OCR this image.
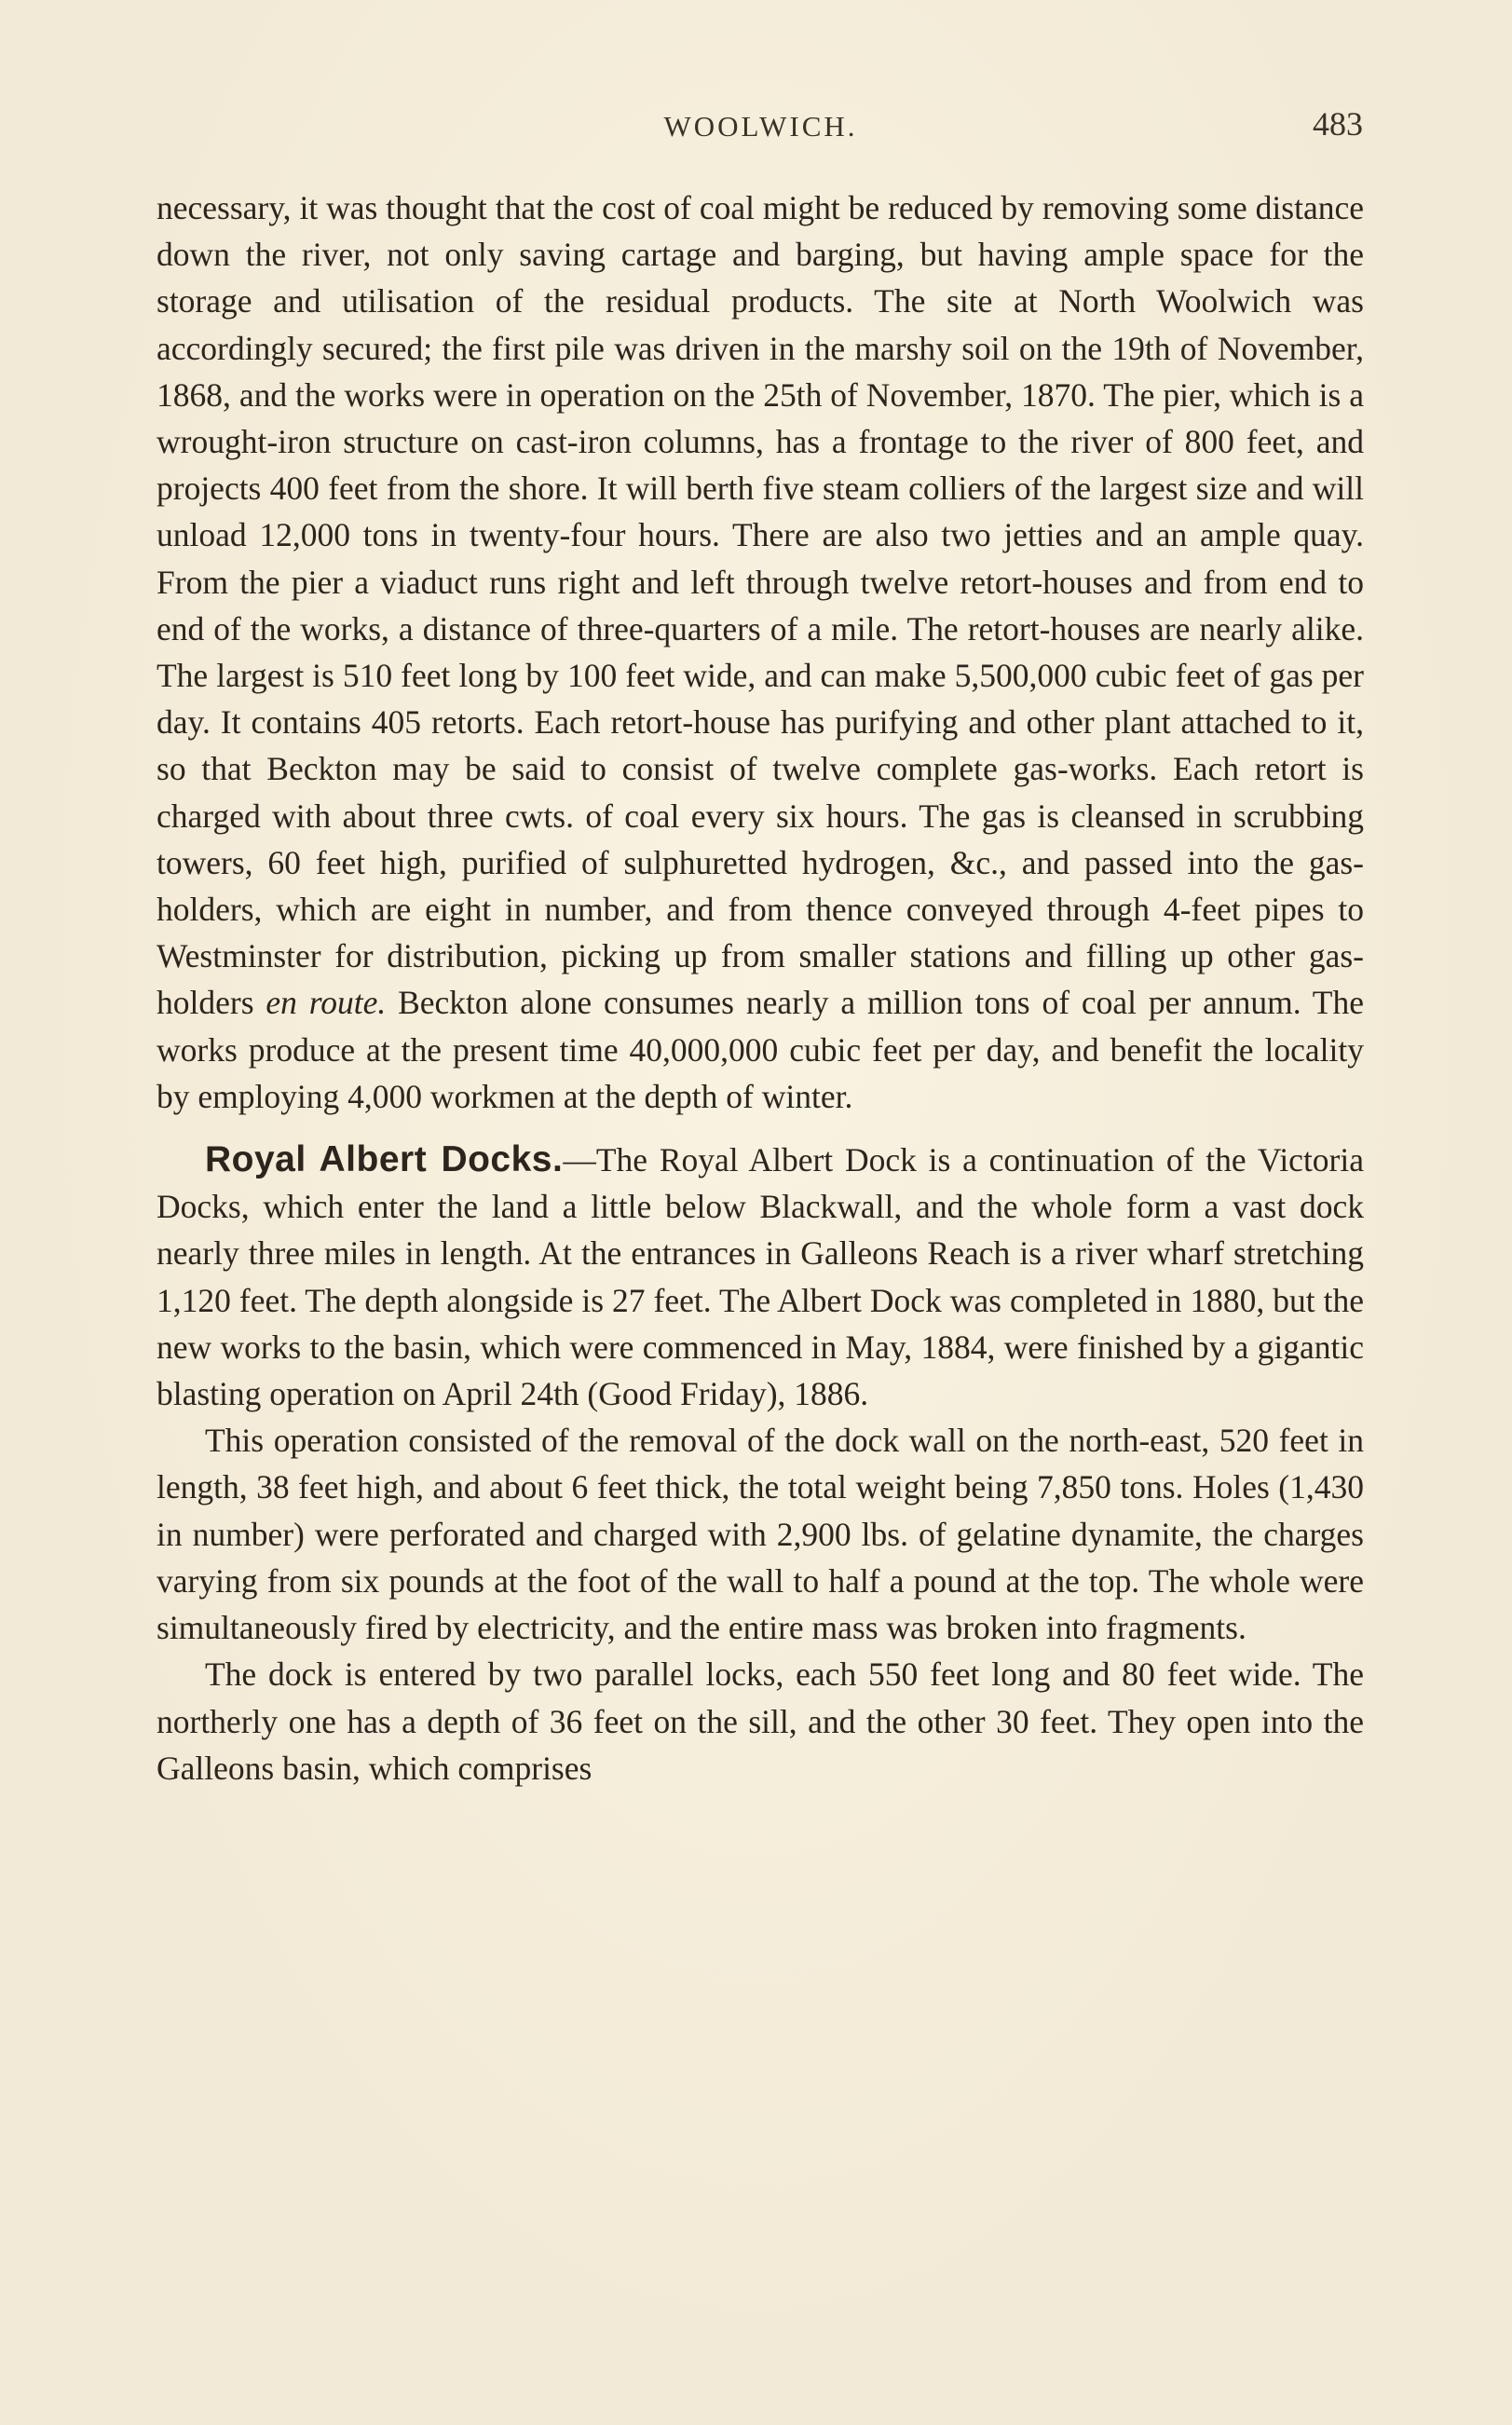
WOOLWICH.	483

necessary, it was thought that the cost of coal might be reduced by removing some distance down the river, not only saving cartage and barging, but having ample space for the storage and utilisation of the residual products. The site at North Woolwich was accordingly secured; the first pile was driven in the marshy soil on the 19th of November, 1868, and the works were in operation on the 25th of November, 1870. The pier, which is a wrought-iron structure on cast-iron columns, has a frontage to the river of 800 feet, and projects 400 feet from the shore. It will berth five steam colliers of the largest size and will unload 12,000 tons in twenty-four hours. There are also two jetties and an ample quay. From the pier a viaduct runs right and left through twelve retort-houses and from end to end of the works, a distance of three-quarters of a mile. The retort-houses are nearly alike. The largest is 510 feet long by 100 feet wide, and can make 5,500,000 cubic feet of gas per day. It contains 405 retorts. Each retort-house has purifying and other plant attached to it, so that Beckton may be said to consist of twelve complete gas-works. Each retort is charged with about three cwts. of coal every six hours. The gas is cleansed in scrubbing towers, 60 feet high, purified of sulphuretted hydrogen, &c., and passed into the gas-holders, which are eight in number, and from thence conveyed through 4-feet pipes to Westminster for distribution, picking up from smaller stations and filling up other gas-holders en route. Beckton alone consumes nearly a million tons of coal per annum. The works produce at the present time 40,000,000 cubic feet per day, and benefit the locality by employing 4,000 workmen at the depth of winter.

Royal Albert Docks.—The Royal Albert Dock is a continuation of the Victoria Docks, which enter the land a little below Blackwall, and the whole form a vast dock nearly three miles in length. At the entrances in Galleons Reach is a river wharf stretching 1,120 feet. The depth alongside is 27 feet. The Albert Dock was completed in 1880, but the new works to the basin, which were commenced in May, 1884, were finished by a gigantic blasting operation on April 24th (Good Friday), 1886.

This operation consisted of the removal of the dock wall on the north-east, 520 feet in length, 38 feet high, and about 6 feet thick, the total weight being 7,850 tons. Holes (1,430 in number) were perforated and charged with 2,900 lbs. of gelatine dynamite, the charges varying from six pounds at the foot of the wall to half a pound at the top. The whole were simultaneously fired by electricity, and the entire mass was broken into fragments.

The dock is entered by two parallel locks, each 550 feet long and 80 feet wide. The northerly one has a depth of 36 feet on the sill, and the other 30 feet. They open into the Galleons basin, which comprises
